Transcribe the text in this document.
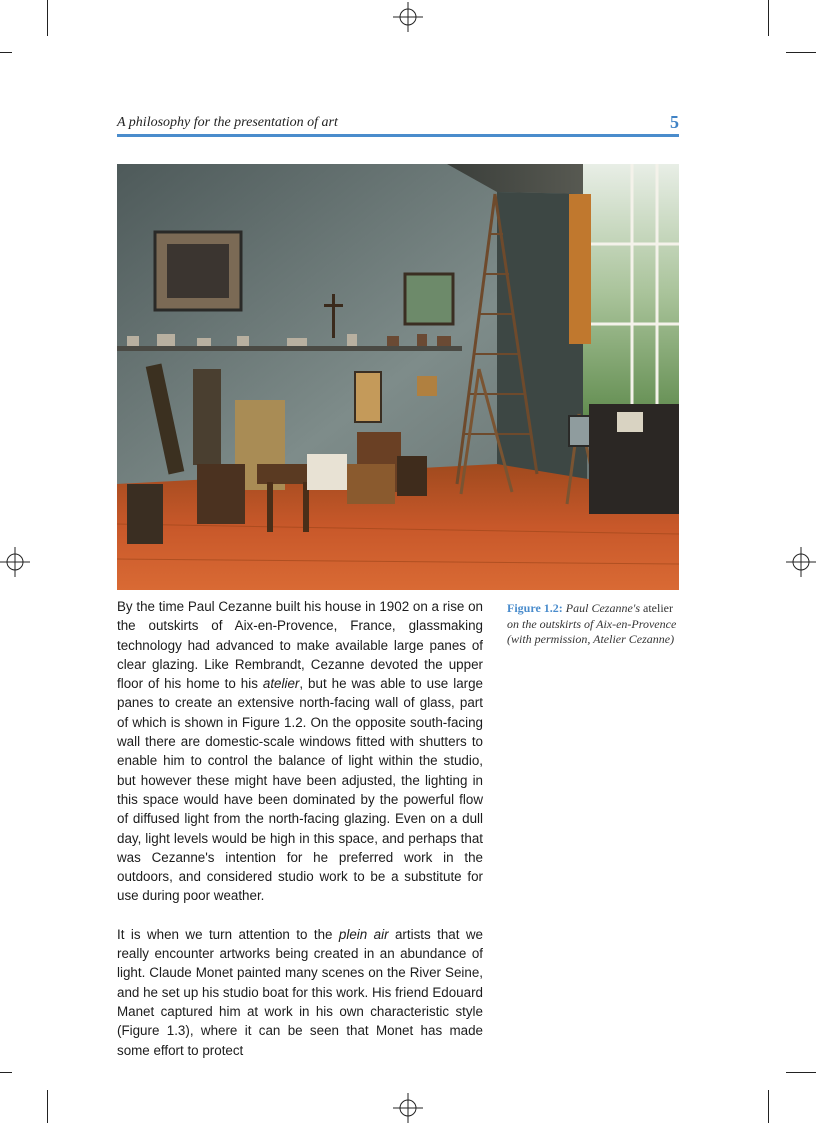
A philosophy for the presentation of art	5

By the time Paul Cezanne built his house in 1902 on a rise on the outskirts of Aix-en-Provence, France, glassmaking technology had advanced to make available large panes of clear glazing. Like Rembrandt, Cezanne devoted the upper floor of his home to his atelier, but he was able to use large panes to create an extensive north-facing wall of glass, part of which is shown in Figure 1.2. On the opposite south-facing wall there are domestic-scale windows fitted with shutters to enable him to control the balance of light within the studio, but however these might have been adjusted, the lighting in this space would have been dominated by the powerful flow of diffused light from the north-facing glazing. Even on a dull day, light levels would be high in this space, and perhaps that was Cezanne's intention for he preferred work in the outdoors, and considered studio work to be a substitute for use during poor weather.

It is when we turn attention to the plein air artists that we really encounter artworks being created in an abundance of light. Claude Monet painted many scenes on the River Seine, and he set up his studio boat for this work. His friend Edouard Manet captured him at work in his own characteristic style (Figure 1.3), where it can be seen that Monet has made some effort to protect

Figure 1.2: Paul Cezanne's atelier on the outskirts of Aix-en-Provence (with permission, Atelier Cezanne)
